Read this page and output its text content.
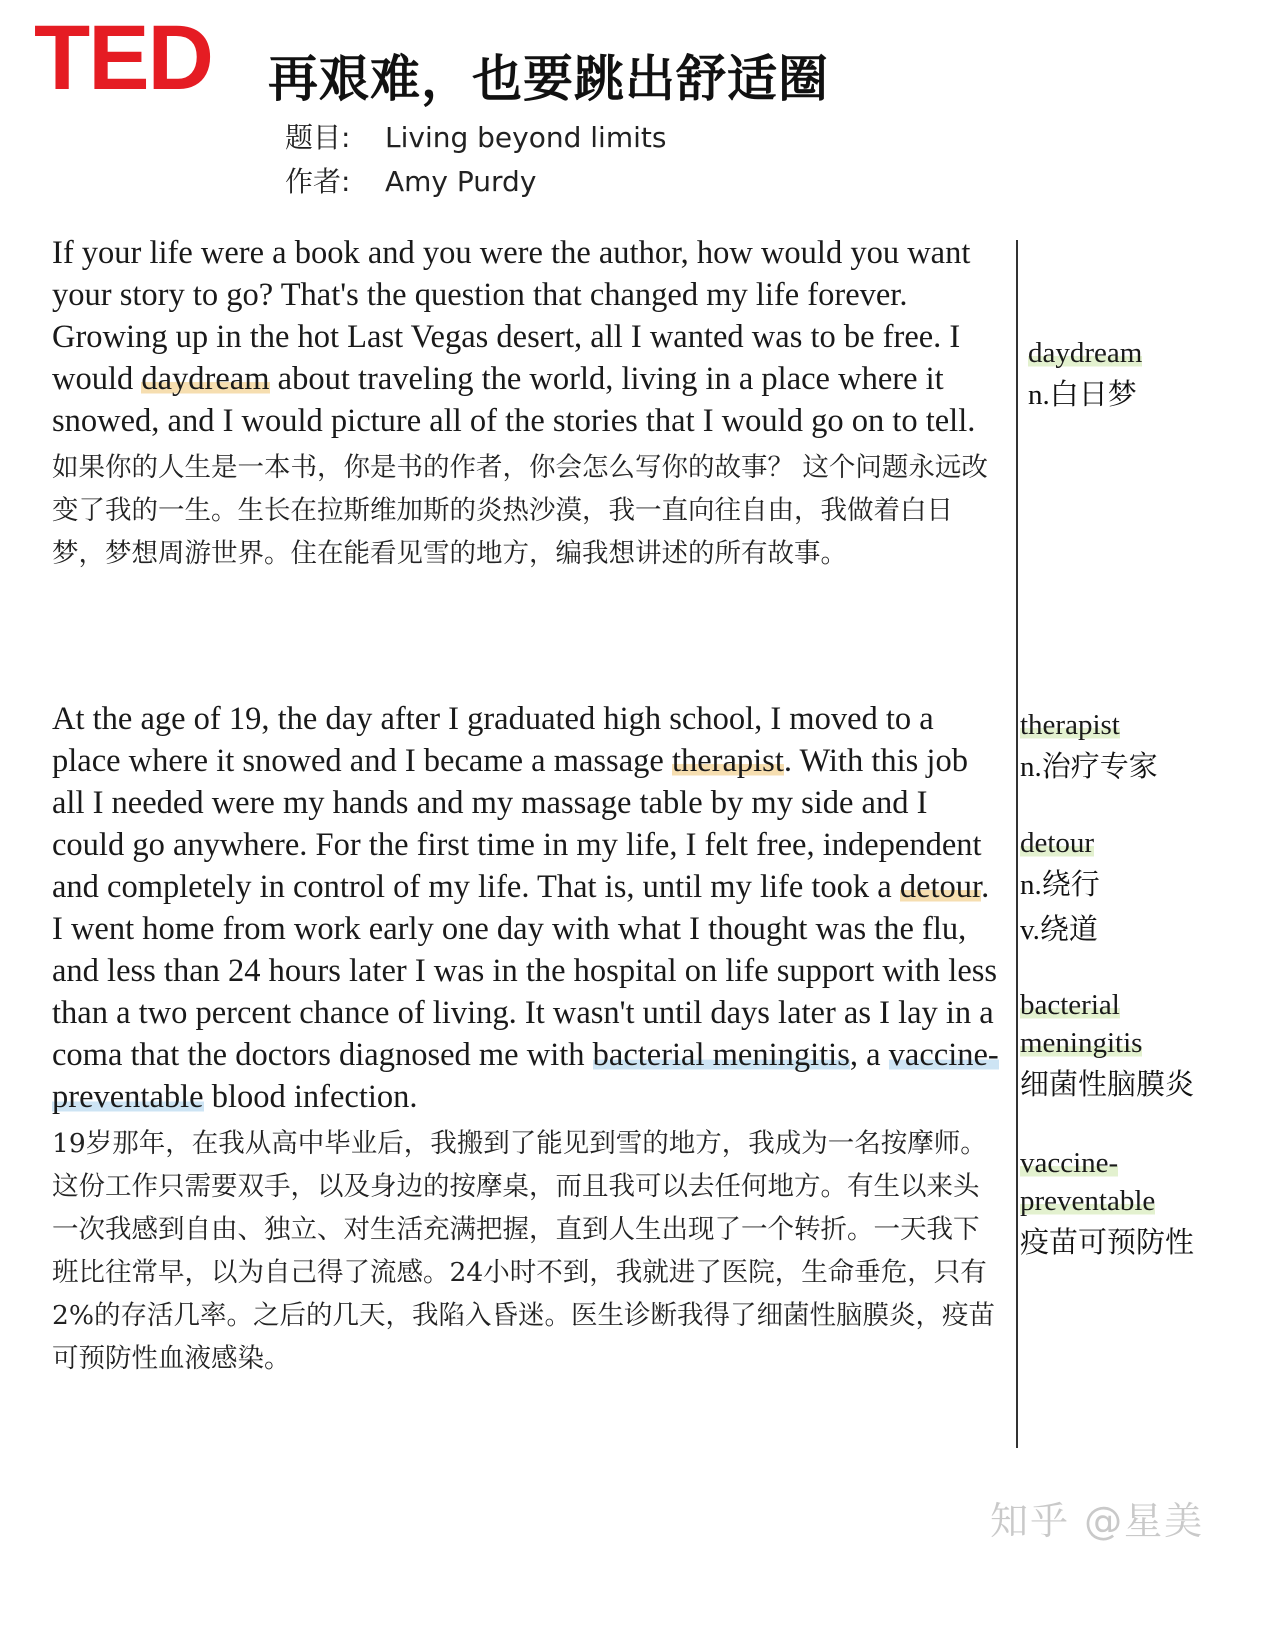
TED 再艰难，也要跳出舒适圈
题目: Living beyond limits
作者: Amy Purdy
If your life were a book and you were the author, how would you want your story to go? That's the question that changed my life forever. Growing up in the hot Last Vegas desert, all I wanted was to be free. I would daydream about traveling the world, living in a place where it snowed, and I would picture all of the stories that I would go on to tell.
如果你的人生是一本书，你是书的作者，你会怎么写你的故事？ 这个问题永远改变了我的一生。生长在拉斯维加斯的炎热沙漠，我一直向往自由，我做着白日梦，梦想周游世界。住在能看见雪的地方，编我想讲述的所有故事。
At the age of 19, the day after I graduated high school, I moved to a place where it snowed and I became a massage therapist. With this job all I needed were my hands and my massage table by my side and I could go anywhere. For the first time in my life, I felt free, independent and completely in control of my life. That is, until my life took a detour. I went home from work early one day with what I thought was the flu, and less than 24 hours later I was in the hospital on life support with less than a two percent chance of living. It wasn't until days later as I lay in a coma that the doctors diagnosed me with bacterial meningitis, a vaccine-preventable blood infection.
19岁那年，在我从高中毕业后，我搬到了能见到雪的地方，我成为一名按摩师。这份工作只需要双手，以及身边的按摩桌，而且我可以去任何地方。有生以来头一次我感到自由、独立、对生活充满把握，直到人生出现了一个转折。一天我下班比往常早，以为自己得了流感。24小时不到，我就进了医院，生命垂危，只有2%的存活几率。之后的几天，我陷入昏迷。医生诊断我得了细菌性脑膜炎，疫苗可预防性血液感染。
daydream
n.白日梦
therapist
n.治疗专家
detour
n.绕行
v.绕道
bacterial meningitis
细菌性脑膜炎
vaccine-preventable
疫苗可预防性
知乎 @星美
